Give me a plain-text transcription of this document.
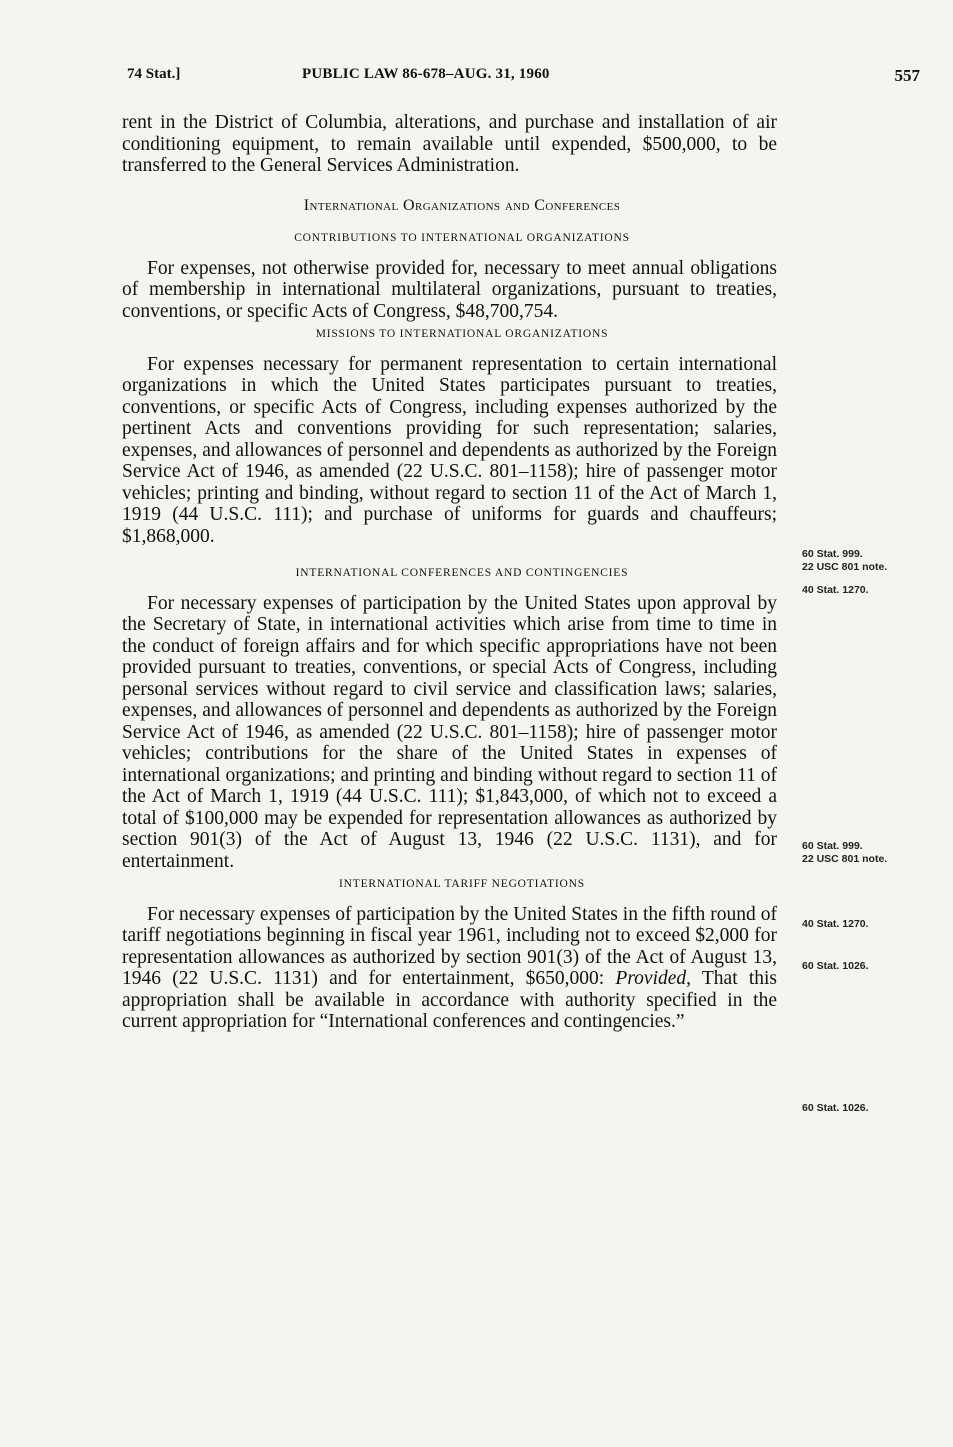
74 Stat.]	PUBLIC LAW 86-678–AUG. 31, 1960	557

rent in the District of Columbia, alterations, and purchase and installation of air conditioning equipment, to remain available until expended, $500,000, to be transferred to the General Services Administration.

International Organizations and Conferences

CONTRIBUTIONS TO INTERNATIONAL ORGANIZATIONS

For expenses, not otherwise provided for, necessary to meet annual obligations of membership in international multilateral organizations, pursuant to treaties, conventions, or specific Acts of Congress, $48,700,754.

MISSIONS TO INTERNATIONAL ORGANIZATIONS

For expenses necessary for permanent representation to certain international organizations in which the United States participates pursuant to treaties, conventions, or specific Acts of Congress, including expenses authorized by the pertinent Acts and conventions providing for such representation; salaries, expenses, and allowances of personnel and dependents as authorized by the Foreign Service Act of 1946, as amended (22 U.S.C. 801–1158); hire of passenger motor vehicles; printing and binding, without regard to section 11 of the Act of March 1, 1919 (44 U.S.C. 111); and purchase of uniforms for guards and chauffeurs; $1,868,000.

INTERNATIONAL CONFERENCES AND CONTINGENCIES

For necessary expenses of participation by the United States upon approval by the Secretary of State, in international activities which arise from time to time in the conduct of foreign affairs and for which specific appropriations have not been provided pursuant to treaties, conventions, or special Acts of Congress, including personal services without regard to civil service and classification laws; salaries, expenses, and allowances of personnel and dependents as authorized by the Foreign Service Act of 1946, as amended (22 U.S.C. 801–1158); hire of passenger motor vehicles; contributions for the share of the United States in expenses of international organizations; and printing and binding without regard to section 11 of the Act of March 1, 1919 (44 U.S.C. 111); $1,843,000, of which not to exceed a total of $100,000 may be expended for representation allowances as authorized by section 901(3) of the Act of August 13, 1946 (22 U.S.C. 1131), and for entertainment.

INTERNATIONAL TARIFF NEGOTIATIONS

For necessary expenses of participation by the United States in the fifth round of tariff negotiations beginning in fiscal year 1961, including not to exceed $2,000 for representation allowances as authorized by section 901(3) of the Act of August 13, 1946 (22 U.S.C. 1131) and for entertainment, $650,000: Provided, That this appropriation shall be available in accordance with authority specified in the current appropriation for “International conferences and contingencies.”

60 Stat. 999.
22 USC 801 note.
40 Stat. 1270.
60 Stat. 999.
22 USC 801 note.
40 Stat. 1270.
60 Stat. 1026.
60 Stat. 1026.
